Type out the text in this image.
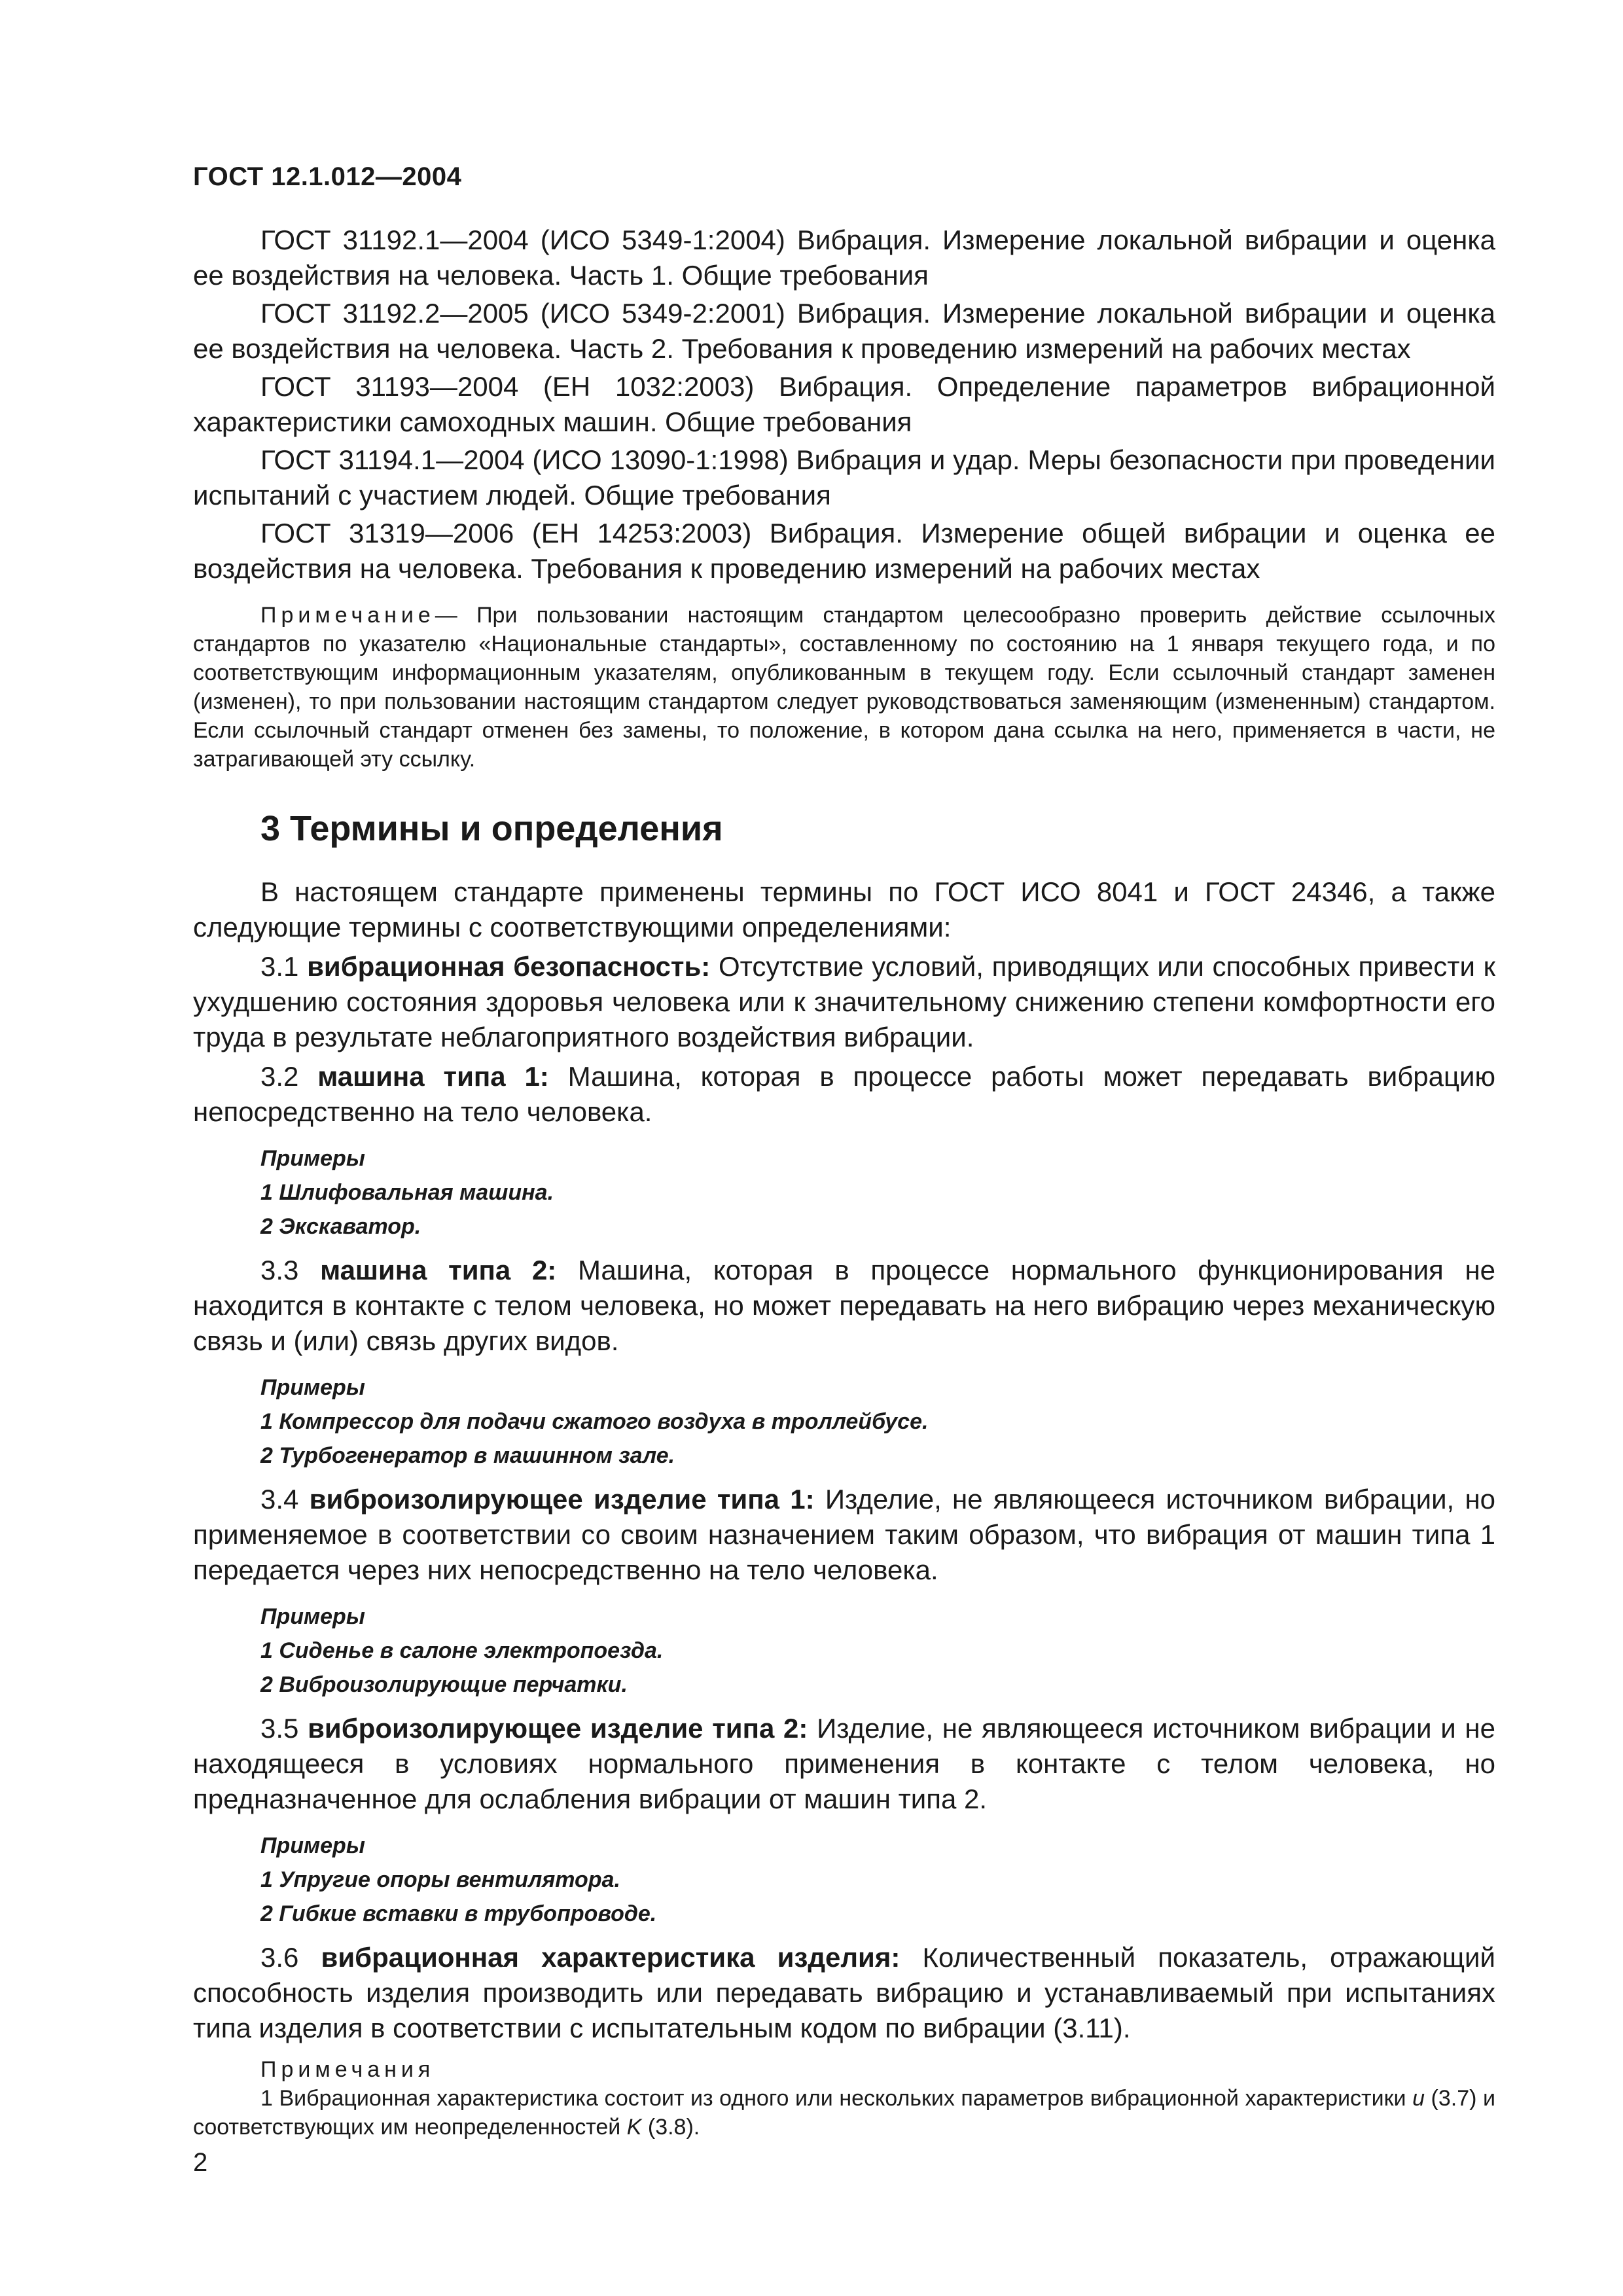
ГОСТ 12.1.012—2004

ГОСТ 31192.1—2004 (ИСО 5349-1:2004) Вибрация. Измерение локальной вибрации и оценка ее воздействия на человека. Часть 1. Общие требования

ГОСТ 31192.2—2005 (ИСО 5349-2:2001) Вибрация. Измерение локальной вибрации и оценка ее воздействия на человека. Часть 2. Требования к проведению измерений на рабочих местах

ГОСТ 31193—2004 (ЕН 1032:2003) Вибрация. Определение параметров вибрационной характеристики самоходных машин. Общие требования

ГОСТ 31194.1—2004 (ИСО 13090-1:1998) Вибрация и удар. Меры безопасности при проведении испытаний с участием людей. Общие требования

ГОСТ 31319—2006 (ЕН 14253:2003) Вибрация. Измерение общей вибрации и оценка ее воздействия на человека. Требования к проведению измерений на рабочих местах

Примечание— При пользовании настоящим стандартом целесообразно проверить действие ссылочных стандартов по указателю «Национальные стандарты», составленному по состоянию на 1 января текущего года, и по соответствующим информационным указателям, опубликованным в текущем году. Если ссылочный стандарт заменен (изменен), то при пользовании настоящим стандартом следует руководствоваться заменяющим (измененным) стандартом. Если ссылочный стандарт отменен без замены, то положение, в котором дана ссылка на него, применяется в части, не затрагивающей эту ссылку.

3 Термины и определения

В настоящем стандарте применены термины по ГОСТ ИСО 8041 и ГОСТ 24346, а также следующие термины с соответствующими определениями:

3.1 вибрационная безопасность: Отсутствие условий, приводящих или способных привести к ухудшению состояния здоровья человека или к значительному снижению степени комфортности его труда в результате неблагоприятного воздействия вибрации.

3.2 машина типа 1: Машина, которая в процессе работы может передавать вибрацию непосредственно на тело человека.

Примеры
1 Шлифовальная машина.
2 Экскаватор.

3.3 машина типа 2: Машина, которая в процессе нормального функционирования не находится в контакте с телом человека, но может передавать на него вибрацию через механическую связь и (или) связь других видов.

Примеры
1 Компрессор для подачи сжатого воздуха в троллейбусе.
2 Турбогенератор в машинном зале.

3.4 виброизолирующее изделие типа 1: Изделие, не являющееся источником вибрации, но применяемое в соответствии со своим назначением таким образом, что вибрация от машин типа 1 передается через них непосредственно на тело человека.

Примеры
1 Сиденье в салоне электропоезда.
2 Виброизолирующие перчатки.

3.5 виброизолирующее изделие типа 2: Изделие, не являющееся источником вибрации и не находящееся в условиях нормального применения в контакте с телом человека, но предназначенное для ослабления вибрации от машин типа 2.

Примеры
1 Упругие опоры вентилятора.
2 Гибкие вставки в трубопроводе.

3.6 вибрационная характеристика изделия: Количественный показатель, отражающий способность изделия производить или передавать вибрацию и устанавливаемый при испытаниях типа изделия в соответствии с испытательным кодом по вибрации (3.11).

Примечания

1 Вибрационная характеристика состоит из одного или нескольких параметров вибрационной характеристики u (3.7) и соответствующих им неопределенностей K (3.8).

2
